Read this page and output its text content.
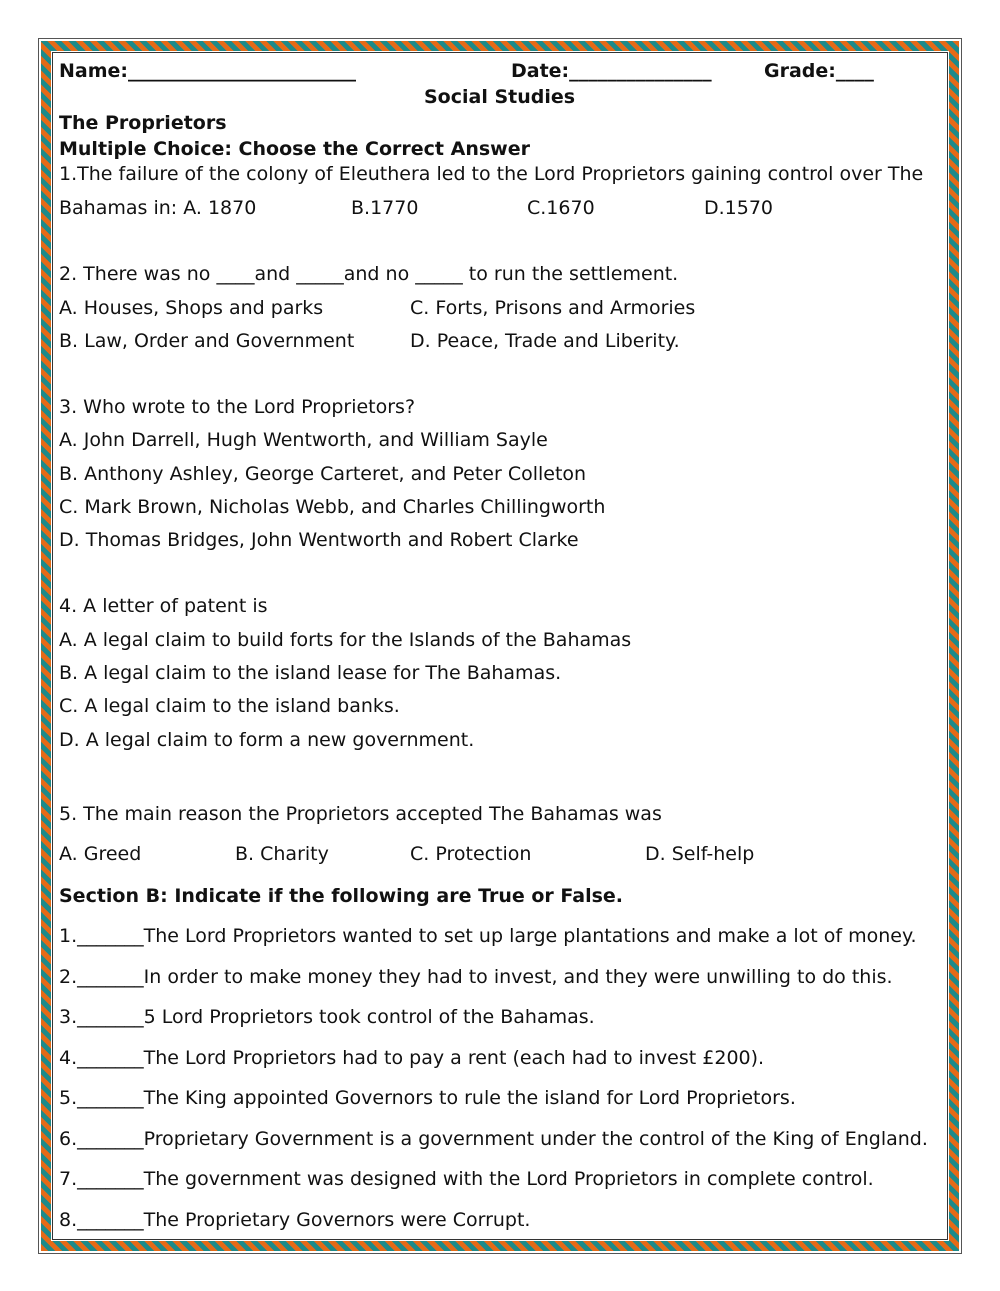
Name:________________________	Date:_______________	Grade:____
Social Studies
The Proprietors
Multiple Choice: Choose the Correct Answer
1.The failure of the colony of Eleuthera led to the Lord Proprietors gaining control over The
Bahamas in: A. 1870	B.1770	C.1670	D.1570
2. There was no ____and _____and no _____ to run the settlement.
A. Houses, Shops and parks	C. Forts, Prisons and Armories
B. Law, Order and Government	D. Peace, Trade and Liberity.
3. Who wrote to the Lord Proprietors?
A. John Darrell, Hugh Wentworth, and William Sayle
B. Anthony Ashley, George Carteret, and Peter Colleton
C. Mark Brown, Nicholas Webb, and Charles Chillingworth
D. Thomas Bridges, John Wentworth and Robert Clarke
4. A letter of patent is
A. A legal claim to build forts for the Islands of the Bahamas
B. A legal claim to the island lease for The Bahamas.
C. A legal claim to the island banks.
D. A legal claim to form a new government.
5. The main reason the Proprietors accepted The Bahamas was
A. Greed	B. Charity	C. Protection	D. Self-help
Section B: Indicate if the following are True or False.
1._______The Lord Proprietors wanted to set up large plantations and make a lot of money.
2._______In order to make money they had to invest, and they were unwilling to do this.
3._______5 Lord Proprietors took control of the Bahamas.
4._______The Lord Proprietors had to pay a rent (each had to invest £200).
5._______The King appointed Governors to rule the island for Lord Proprietors.
6._______Proprietary Government is a government under the control of the King of England.
7._______The government was designed with the Lord Proprietors in complete control.
8._______The Proprietary Governors were Corrupt.
